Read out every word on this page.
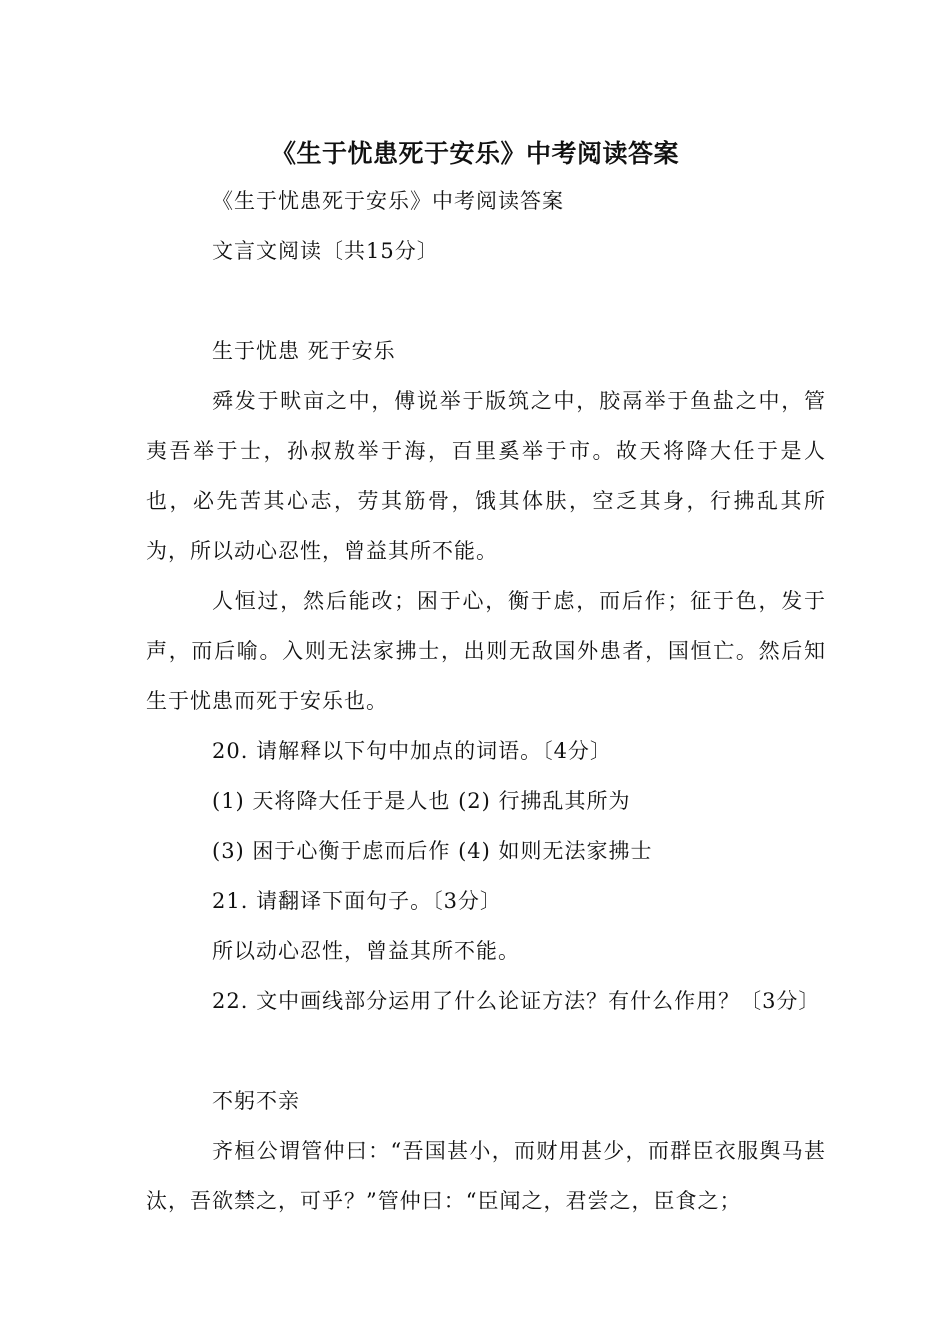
《生于忧患死于安乐》中考阅读答案
《生于忧患死于安乐》中考阅读答案
文言文阅读〔共15分〕
生于忧患 死于安乐

舜发于畎亩之中，傅说举于版筑之中，胶鬲举于鱼盐之中，管夷吾举于士，孙叔敖举于海，百里奚举于市。故天将降大任于是人也，必先苦其心志，劳其筋骨，饿其体肤，空乏其身，行拂乱其所为，所以动心忍性，曾益其所不能。

人恒过，然后能改；困于心，衡于虑，而后作；征于色，发于声，而后喻。入则无法家拂士，出则无敌国外患者，国恒亡。然后知生于忧患而死于安乐也。

20. 请解释以下句中加点的词语。〔4分〕
(1) 天将降大任于是人也 (2) 行拂乱其所为
(3) 困于心衡于虑而后作 (4) 如则无法家拂士
21. 请翻译下面句子。〔3分〕
所以动心忍性，曾益其所不能。

22. 文中画线部分运用了什么论证方法？有什么作用？〔3分〕

不躬不亲

齐桓公谓管仲曰：“吾国甚小，而财用甚少，而群臣衣服舆马甚汰，吾欲禁之，可乎？”管仲曰：“臣闻之，君尝之，臣食之；
